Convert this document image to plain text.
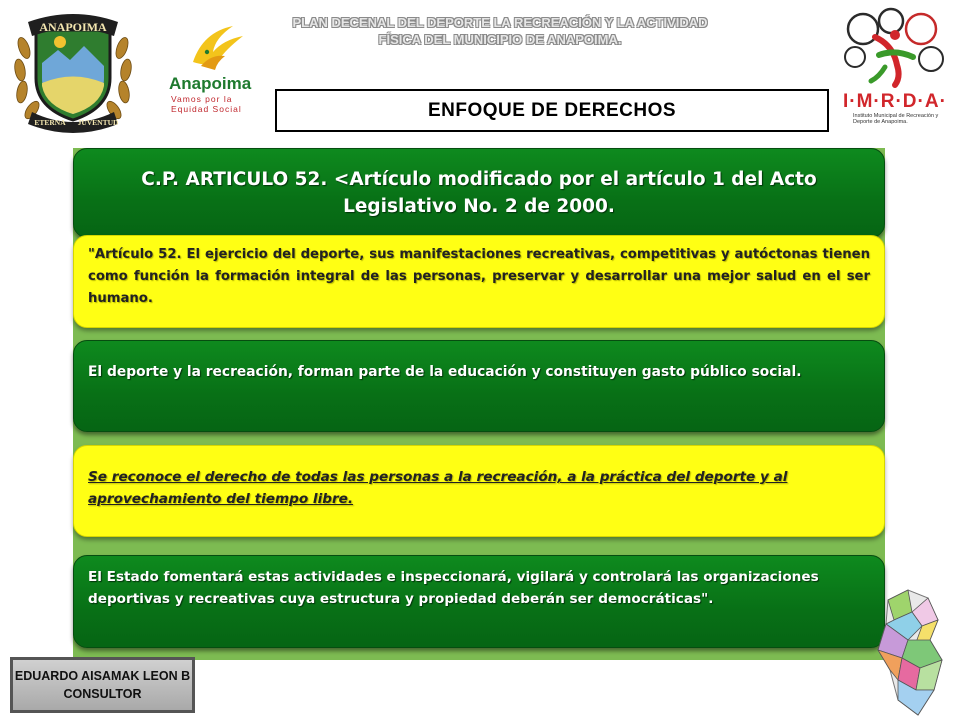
PLAN DECENAL DEL DEPORTE LA RECREACIÓN Y LA ACTIVIDAD FÍSICA DEL MUNICIPIO DE ANAPOIMA.
ENFOQUE DE DERECHOS
ANAPOIMA
ETERNA JUVENTUD
Anapoima
Vamos por la Equidad Social	I·M·R·D·A·
Instituto Municipal de Recreación y Deporte de Anapoima.
C.P. ARTICULO 52. <Artículo modificado por el artículo 1 del Acto Legislativo No. 2 de 2000.
"Artículo 52. El ejercicio del deporte, sus manifestaciones recreativas, competitivas y autóctonas tienen como función la formación integral de las personas, preservar y desarrollar una mejor salud en el ser humano.
El deporte y la recreación, forman parte de la educación y constituyen gasto público social.
Se reconoce el derecho de todas las personas a la recreación, a la práctica del deporte y al aprovechamiento del tiempo libre.
El Estado fomentará estas actividades e inspeccionará, vigilará y controlará las organizaciones deportivas y recreativas cuya estructura y propiedad deberán ser democráticas".
EDUARDO AISAMAK LEON B
CONSULTOR
